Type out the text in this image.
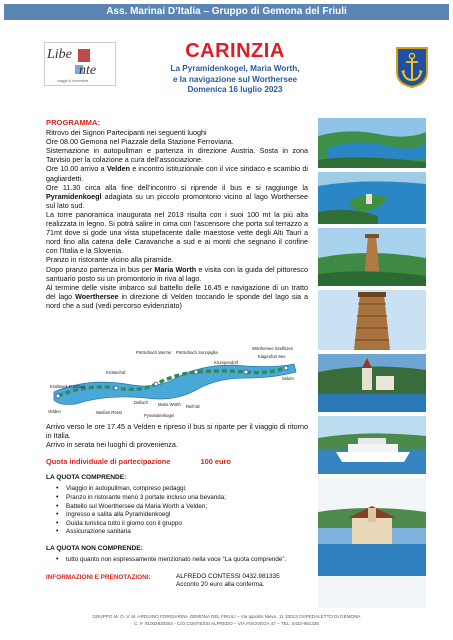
Ass. Marinai D’Italia – Gruppo di Gemona del Friuli
Libe
nte
viaggi & incentive
CARINZIA
La Pyramidenkogel, Maria Worth,
e la navigazione sul Worthersee
Domenica 16 luglio 2023
PROGRAMMA:
Ritrovo dei Signori Partecipanti nei seguenti luoghi
Ore 08.00 Gemona nel Piazzale della Stazione Ferroviaria.
Sistemazione in autopullman e partenza in direzione Austria. Sosta in zona Tarvisio per la colazione a cura dell’associazione.
Ore 10.00 arrivo a Velden e incontro istituzionale con il vice sindaco e scambio di gagliardetti.
Ore 11.30 circa alla fine dell’incontro si riprende il bus e si raggiunge la Pyramidenkoegl adagiata su un piccolo promontorio vicino al lago Worthersee sul lato sud.
La torre panoramica inaugurata nel 2013 risulta con i suoi 100 mt la più alta realizzata in legno. Si potrà salire in cima con l’ascensore che porta sul terrazzo a 71mt dove si gode una vista stupefacente dalle maestose vette degli Alti Tauri a nord fino alla catena delle Caravanche a sud e ai monti che segnano il confine con l’Italia e la Slovenia.
Pranzo in ristorante vicino alla piramide.
Dopo pranzo partenza in bus per Maria Worth e visita con la guida del pittoresco santuario posto su un promontorio in riva al lago.
Al termine delle visite imbarco sul battello delle 16.45 e navigazione di un tratto del lago Woerthersee in direzione di Velden toccando le sponde del lago sia a nord che a sud (vedi percorso evidenziato)
Pörtschach Werzer Pörtschach Sonnjoglla
Krumpendorf
Klagenfurt See
Wörthersee Seeflitzen
Velden
Krottenhof
Maria Wörth Reifnitz
Dellach
Weißes Rössl
Sekirn
Pyramidenkogel
Kraftwerk Forstsee
Arrivo verso le ore 17.45 a Velden e ripreso il bus si riparte per il viaggio di ritorno in Italia.
Arrivo in serata nei luoghi di provenienza.
Quota individuale di partecipazione	100 euro
LA QUOTA COMPRENDE:
• Viaggio in autopullman, compreso pedaggi;
• Pranzo in ristorante menù 3 portate incluso una bevanda;
• Battello sul Woerthersee da Maria Worth a Velden;
• Ingresso e salita alla Pyramidenkoegl
• Guida turistica tutto il giorno con il gruppo
• Assicurazione sanitaria
LA QUOTA NON COMPRENDE:
• tutto quanto non espressamente menzionato nella voce “La quota comprende”.
INFORMAZIONI E PRENOTAZIONI:	ALFREDO CONTESSI 0432.981335
Acconto 20 euro alla conferma.
GRUPPO M. O. V. M. ARDUINO FORGIARINI- GEMONA DEL FRIULI – Via Ippolito Nievo, 11 33013 OSPEDALETTO DI GEMONA
C. F. 91002830304 - C/O CONTESSI ALFREDO – VIA FISOVEGA 47 – TEL. 0432-981335
